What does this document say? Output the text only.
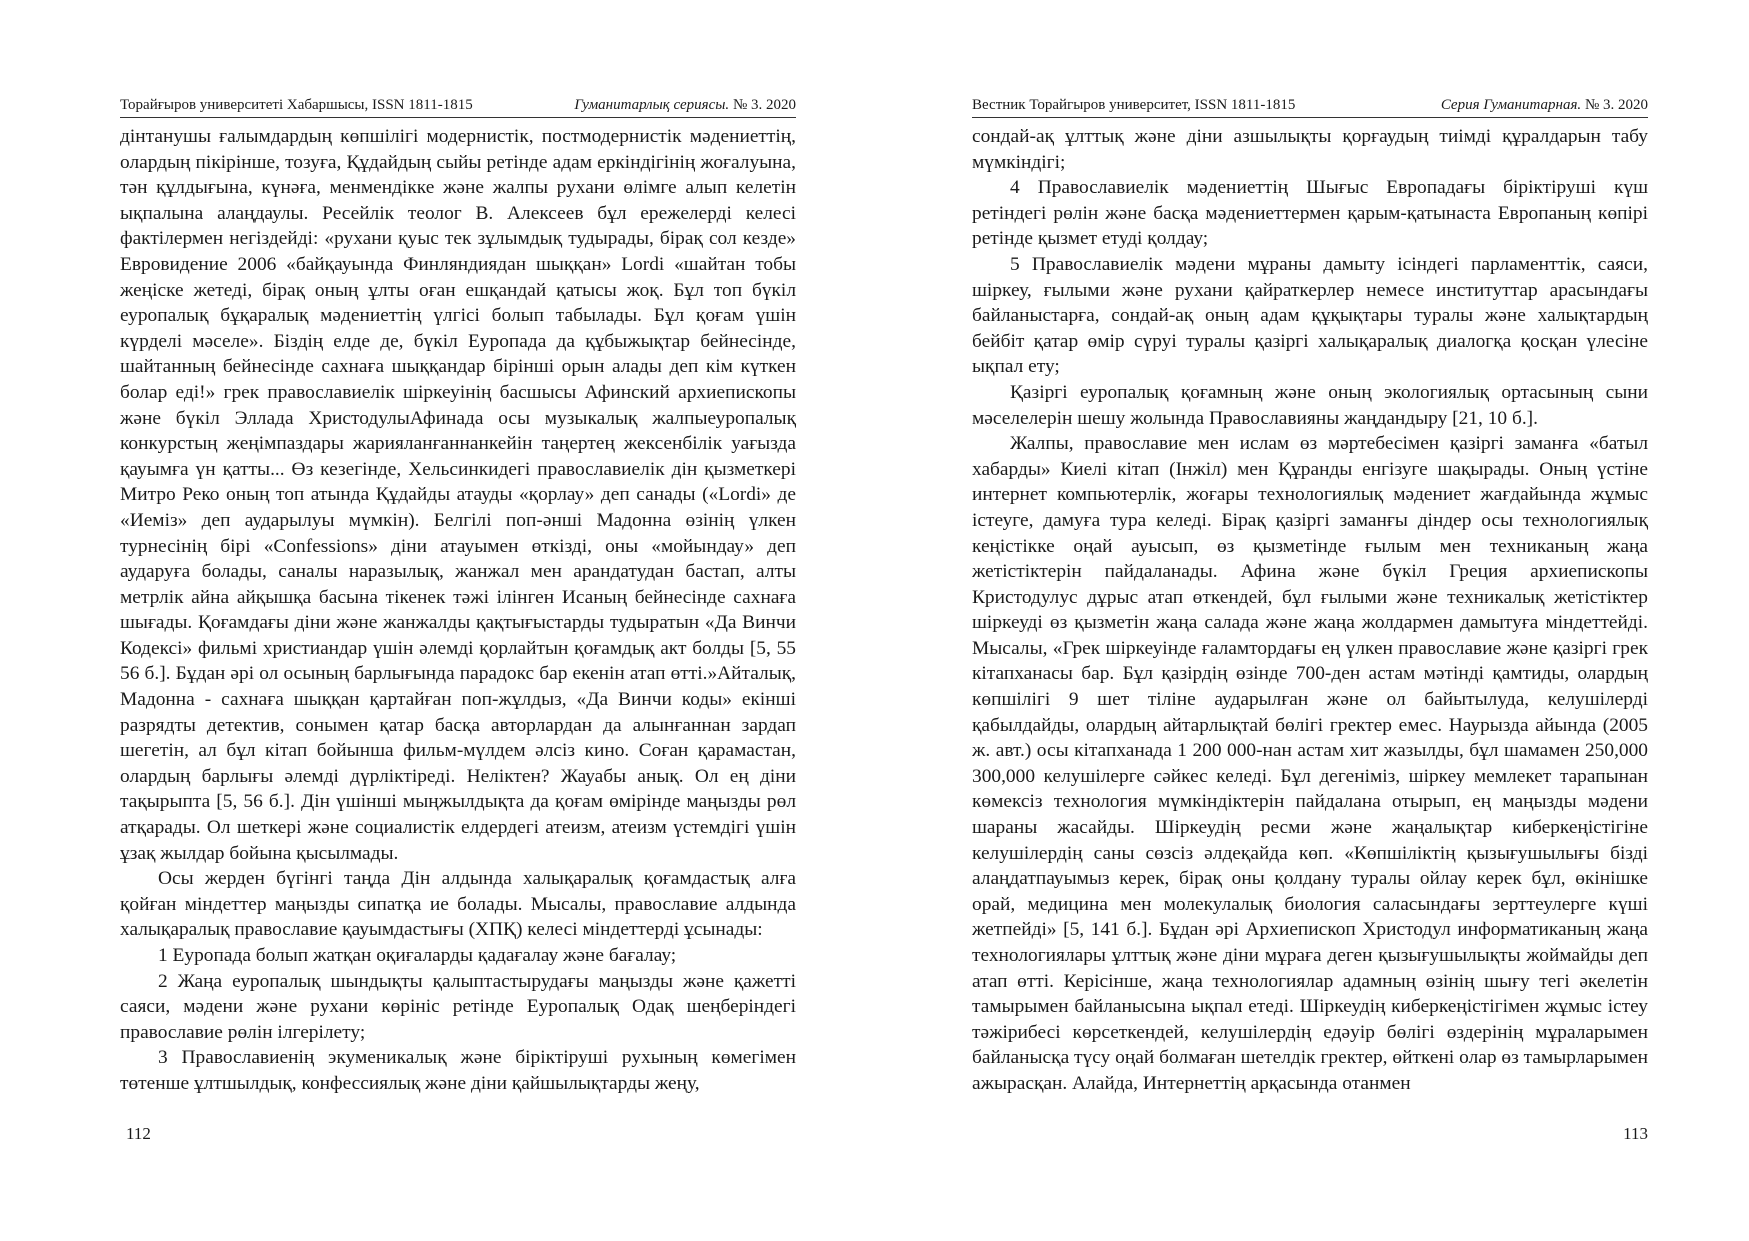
Торайғыров университеті Хабаршысы, ISSN 1811-1815	Гуманитарлық сериясы. № 3. 2020

дінтанушы ғалымдардың көпшілігі модернистік, постмодернистік мәдениеттің, олардың пікірінше, тозуға, Құдайдың сыйы ретінде адам еркіндігінің жоғалуына, тән құлдығына, күнәға, менмендікке және жалпы рухани өлімге алып келетін ықпалына алаңдаулы. Ресейлік теолог В. Алексеев бұл ережелерді келесі фактілермен негіздейді: «рухани қуыс тек зұлымдық тудырады, бірақ сол кезде» Евровидение 2006 «байқауында Финляндиядан шыққан» Lordi «шайтан тобы жеңіске жетеді, бірақ оның ұлты оған ешқандай қатысы жоқ. Бұл топ бүкіл еуропалық бұқаралық мәдениеттің үлгісі болып табылады. Бұл қоғам үшін күрделі мәселе». Біздің елде де, бүкіл Еуропада да құбыжықтар бейнесінде, шайтанның бейнесінде сахнаға шыққандар бірінші орын алады деп кім күткен болар еді!» грек православиелік шіркеуінің басшысы Афинский архиепископы және бүкіл Эллада ХристодулыАфинада осы музыкалық жалпыеуропалық конкурстың жеңімпаздары жарияланғаннанкейін таңертең жексенбілік уағызда қауымға үн қатты... Өз кезегінде, Хельсинкидегі православиелік дін қызметкері Митро Реко оның топ атында Құдайды атауды «қорлау» деп санады («Lordi» де «Иеміз» деп аударылуы мүмкін). Белгілі поп-әнші Мадонна өзінің үлкен турнесінің бірі «Confessions» діни атауымен өткізді, оны «мойындау» деп аударуға болады, саналы наразылық, жанжал мен арандатудан бастап, алты метрлік айна айқышқа басына тікенек тәжі ілінген Исаның бейнесінде сахнаға шығады. Қоғамдағы діни және жанжалды қақтығыстарды тудыратын «Да Винчи Кодексі» фильмі христиандар үшін әлемді қорлайтын қоғамдық акт болды [5, 55 56 б.]. Бұдан әрі ол осының барлығында парадокс бар екенін атап өтті.»Айталық, Мадонна - сахнаға шыққан қартайған поп-жұлдыз, «Да Винчи коды» екінші разрядты детектив, сонымен қатар басқа авторлардан да алынғаннан зардап шегетін, ал бұл кітап бойынша фильм-мүлдем әлсіз кино. Соған қарамастан, олардың барлығы әлемді дүрліктіреді. Неліктен? Жауабы анық. Ол ең діни тақырыпта [5, 56 б.]. Дін үшінші мыңжылдықта да қоғам өмірінде маңызды рөл атқарады. Ол шеткері және социалистік елдердегі атеизм, атеизм үстемдігі үшін ұзақ жылдар бойына қысылмады.

Осы жерден бүгінгі таңда Дін алдында халықаралық қоғамдастық алға қойған міндеттер маңызды сипатқа ие болады. Мысалы, православие алдында халықаралық православие қауымдастығы (ХПҚ) келесі міндеттерді ұсынады:

1 Еуропада болып жатқан оқиғаларды қадағалау және бағалау;

2 Жаңа еуропалық шындықты қалыптастырудағы маңызды және қажетті саяси, мәдени және рухани көрініс ретінде Еуропалық Одақ шеңберіндегі православие рөлін ілгерілету;

3 Православиенің экуменикалық және біріктіруші рухының көмегімен төтенше ұлтшылдық, конфессиялық және діни қайшылықтарды жеңу,

112
Вестник Торайгыров университет, ISSN 1811-1815	Серия Гуманитарная. № 3. 2020

сондай-ақ ұлттық және діни азшылықты қорғаудың тиімді құралдарын табу мүмкіндігі;

4 Православиелік мәдениеттің Шығыс Европадағы біріктіруші күш ретіндегі рөлін және басқа мәдениеттермен қарым-қатынаста Европаның көпірі ретінде қызмет етуді қолдау;

5 Православиелік мәдени мұраны дамыту ісіндегі парламенттік, саяси, шіркеу, ғылыми және рухани қайраткерлер немесе институттар арасындағы байланыстарға, сондай-ақ оның адам құқықтары туралы және халықтардың бейбіт қатар өмір сүруі туралы қазіргі халықаралық диалогқа қосқан үлесіне ықпал ету;

Қазіргі еуропалық қоғамның және оның экологиялық ортасының сыни мәселелерін шешу жолында Православияны жаңдандыру [21, 10 б.].

Жалпы, православие мен ислам өз мәртебесімен қазіргі заманға «батыл хабарды» Киелі кітап (Інжіл) мен Құранды енгізуге шақырады. Оның үстіне интернет компьютерлік, жоғары технологиялық мәдениет жағдайында жұмыс істеуге, дамуға тура келеді. Бірақ қазіргі заманғы діндер осы технологиялық кеңістікке оңай ауысып, өз қызметінде ғылым мен техниканың жаңа жетістіктерін пайдаланады. Афина және бүкіл Греция архиепископы Кристодулус дұрыс атап өткендей, бұл ғылыми және техникалық жетістіктер шіркеуді өз қызметін жаңа салада және жаңа жолдармен дамытуға міндеттейді. Мысалы, «Грек шіркеуінде ғаламтордағы ең үлкен православие және қазіргі грек кітапханасы бар. Бұл қазірдің өзінде 700-ден астам мәтінді қамтиды, олардың көпшілігі 9 шет тіліне аударылған және ол байытылуда, келушілерді қабылдайды, олардың айтарлықтай бөлігі гректер емес. Наурызда айында (2005 ж. авт.) осы кітапханада 1 200 000-нан астам хит жазылды, бұл шамамен 250,000 300,000 келушілерге сәйкес келеді. Бұл дегеніміз, шіркеу мемлекет тарапынан көмексіз технология мүмкіндіктерін пайдалана отырып, ең маңызды мәдени шараны жасайды. Шіркеудің ресми және жаңалықтар киберкеңістігіне келушілердің саны сөзсіз әлдеқайда көп. «Көпшіліктің қызығушылығы бізді алаңдатпауымыз керек, бірақ оны қолдану туралы ойлау керек бұл, өкінішке орай, медицина мен молекулалық биология саласындағы зерттеулерге күші жетпейді» [5, 141 б.]. Бұдан әрі Архиепископ Христодул информатиканың жаңа технологиялары ұлттық және діни мұраға деген қызығушылықты жоймайды деп атап өтті. Керісінше, жаңа технологиялар адамның өзінің шығу тегі әкелетін тамырымен байланысына ықпал етеді. Шіркеудің киберкеңістігімен жұмыс істеу тәжірибесі көрсеткендей, келушілердің едәуір бөлігі өздерінің мұраларымен байланысқа түсу оңай болмаған шетелдік гректер, өйткені олар өз тамырларымен ажырасқан. Алайда, Интернеттің арқасында отанмен

113
